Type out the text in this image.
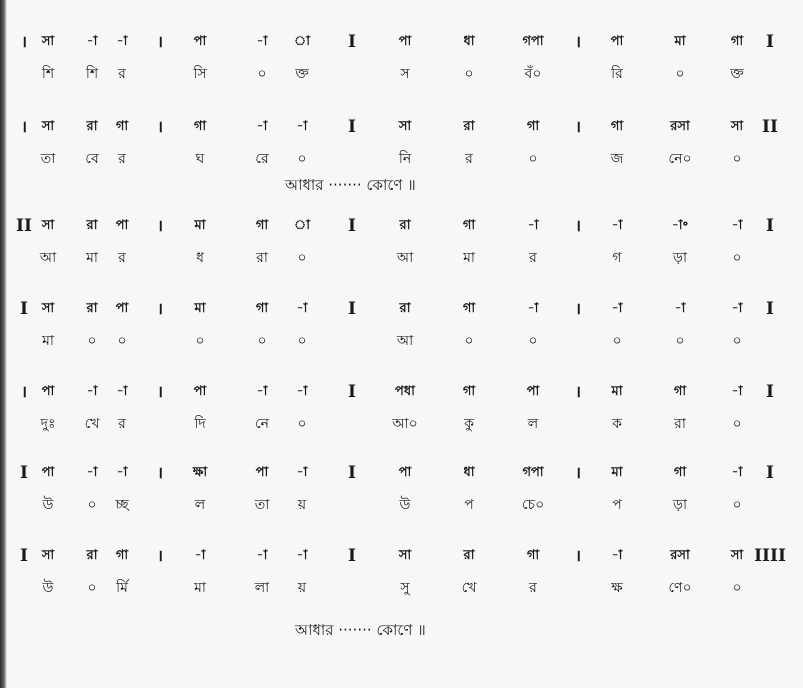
। সা -া -া । পা	-া া I	পা	ধা	গপা । পা	মা	গা I
শি শি র	সি	০ ক্ত	স	০	বঁ০	রি	০	ক্ত
। সা রা গা । গা	-া -া I	সা	রা	গা । গা	রসা	সা II
তা বে র	ঘ	রে ০	নি	র	০	জ	নে০	০
II সা রা পা । মা	গা া I	রা	গা	-া । -া	-া॰	-া I
আ মা র	ধ	রা ০	আ	মা	র	গ	ড়া	০
I সা রা পা । মা	গা -া I	রা	গা	-া । -া	-া	-া I
মা ০ ০	০	০ ০	আ	০	০	০	০	০
। পা -া -া । পা	-া -া I	পধা	গা	পা । মা	গা	-া I
দুঃ খে র	দি	নে ০	আ০	কু	ল	ক	রা	০
I পা -া -া । ক্ষা	পা -া I	পা	ধা	গপা । মা	গা	-া I
উ ০ চ্ছ	ল	তা য়	উ	প	চে০	প	ড়া	০
I সা রা গা । -া	-া -া I	সা	রা	গা । -া	রসা	সা IIII
উ ০ র্মি	মা	লা য়	সু	খে	র	ক্ষ	ণে০	০
আধার ······· কোণে ॥
আধার ······· কোণে ॥
